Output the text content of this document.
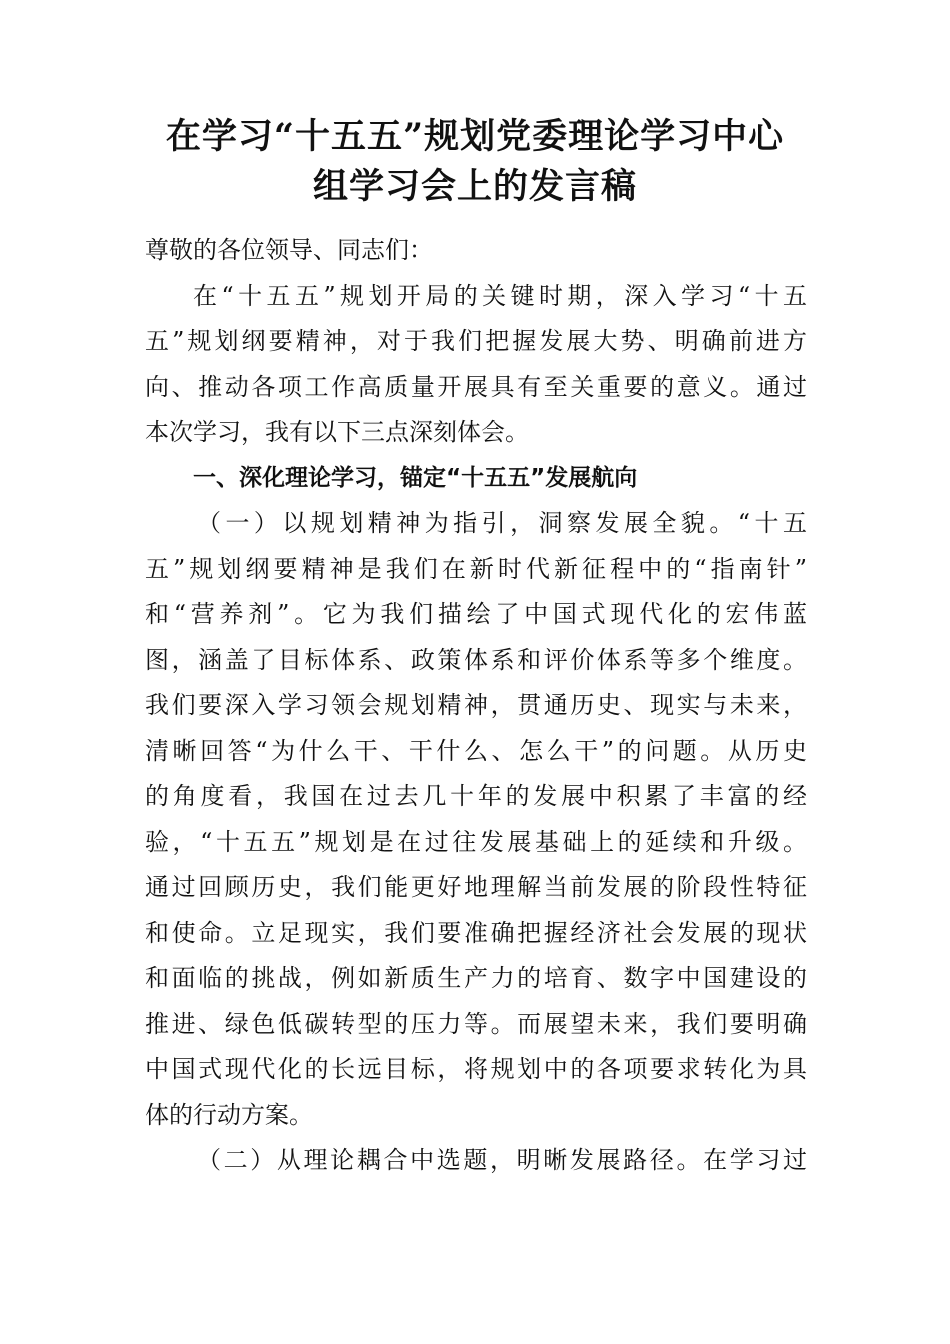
在学习“十五五”规划党委理论学习中心
组学习会上的发言稿
尊敬的各位领导、同志们：
在“十五五”规划开局的关键时期，深入学习“十五
五”规划纲要精神，对于我们把握发展大势、明确前进方
向、推动各项工作高质量开展具有至关重要的意义。通过
本次学习，我有以下三点深刻体会。
一、深化理论学习，锚定“十五五”发展航向
（一）以规划精神为指引，洞察发展全貌。“十五
五”规划纲要精神是我们在新时代新征程中的“指南针”
和“营养剂”。它为我们描绘了中国式现代化的宏伟蓝
图，涵盖了目标体系、政策体系和评价体系等多个维度。
我们要深入学习领会规划精神，贯通历史、现实与未来，
清晰回答“为什么干、干什么、怎么干”的问题。从历史
的角度看，我国在过去几十年的发展中积累了丰富的经
验，“十五五”规划是在过往发展基础上的延续和升级。
通过回顾历史，我们能更好地理解当前发展的阶段性特征
和使命。立足现实，我们要准确把握经济社会发展的现状
和面临的挑战，例如新质生产力的培育、数字中国建设的
推进、绿色低碳转型的压力等。而展望未来，我们要明确
中国式现代化的长远目标，将规划中的各项要求转化为具
体的行动方案。
（二）从理论耦合中选题，明晰发展路径。在学习过
